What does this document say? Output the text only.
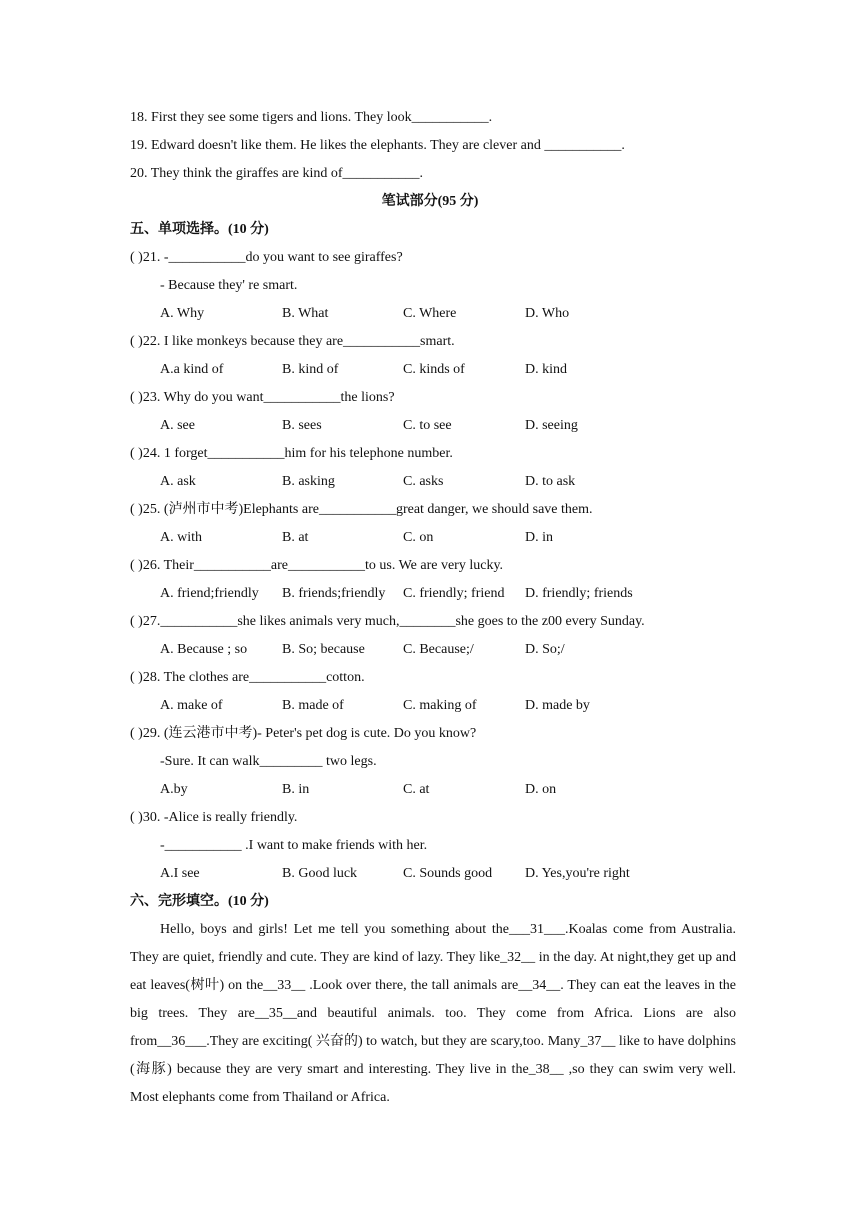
18. First they see some tigers and lions. They look___________.
19. Edward doesn't like them. He likes the elephants. They are clever and ___________.
20. They think the giraffes are kind of___________.
笔试部分(95 分)
五、单项选择。(10 分)
( )21. -___________do you want to see giraffes?
- Because they' re smart.
A. Why	B. What	C. Where	D. Who
( )22. I like monkeys because they are___________smart.
A.a kind of	B. kind of	C. kinds of	D. kind
( )23. Why do you want___________the lions?
A. see	B. sees	C. to see	D. seeing
( )24. 1 forget___________him for his telephone number.
A. ask	B. asking	C. asks	D. to ask
( )25. (泸州市中考)Elephants are___________great danger, we should save them.
A. with	B. at	C. on	D. in
( )26. Their___________are___________to us. We are very lucky.
A. friend;friendly B. friends;friendly C. friendly; friend D. friendly; friends
( )27.___________she likes animals very much,________she goes to the z00 every Sunday.
A. Because ; so B. So; because	C. Because;/	D. So;/
( )28. The clothes are___________cotton.
A. make of	B. made of	C. making of	D. made by
( )29. (连云港市中考)- Peter's pet dog is cute. Do you know?
-Sure. It can walk_________ two legs.
A.by	B. in	C. at	D. on
( )30. -Alice is really friendly.
-___________ .I want to make friends with her.
A.I see	B. Good luck	C. Sounds good D. Yes,you're right
六、完形填空。(10 分)

Hello, boys and girls! Let me tell you something about the___31___.Koalas come from Australia. They are quiet, friendly and cute. They are kind of lazy. They like_32__ in the day. At night,they get up and eat leaves(树叶) on the__33__ .Look over there, the tall animals are__34__. They can eat the leaves in the big trees. They are__35__and beautiful animals. too. They come from Africa. Lions are also from__36___.They are exciting( 兴奋的) to watch, but they are scary,too. Many_37__ like to have dolphins (海豚) because they are very smart and interesting. They live in the_38__ ,so they can swim very well. Most elephants come from Thailand or Africa.
